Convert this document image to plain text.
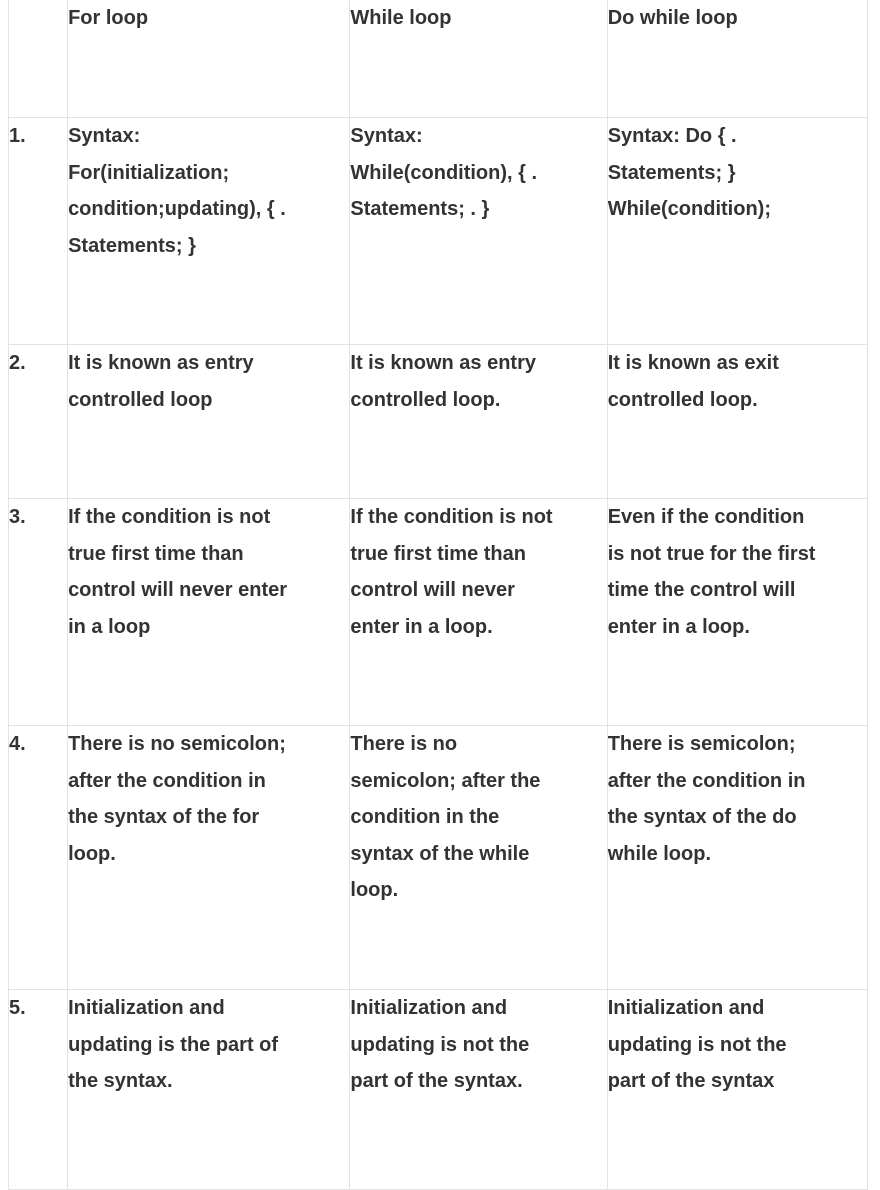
	For loop	While loop	Do while loop
1.	Syntax:
For(initialization;
condition;updating), { .
Statements; }	Syntax:
While(condition), { .
Statements; . }	Syntax: Do { .
Statements; }
While(condition);
2.	It is known as entry
controlled loop	It is known as entry
controlled loop.	It is known as exit
controlled loop.
3.	If the condition is not
true first time than
control will never enter
in a loop	If the condition is not
true first time than
control will never
enter in a loop.	Even if the condition
is not true for the first
time the control will
enter in a loop.
4.	There is no semicolon;
after the condition in
the syntax of the for
loop.	There is no
semicolon; after the
condition in the
syntax of the while
loop.	There is semicolon;
after the condition in
the syntax of the do
while loop.
5.	Initialization and
updating is the part of
the syntax.	Initialization and
updating is not the
part of the syntax.	Initialization and
updating is not the
part of the syntax
